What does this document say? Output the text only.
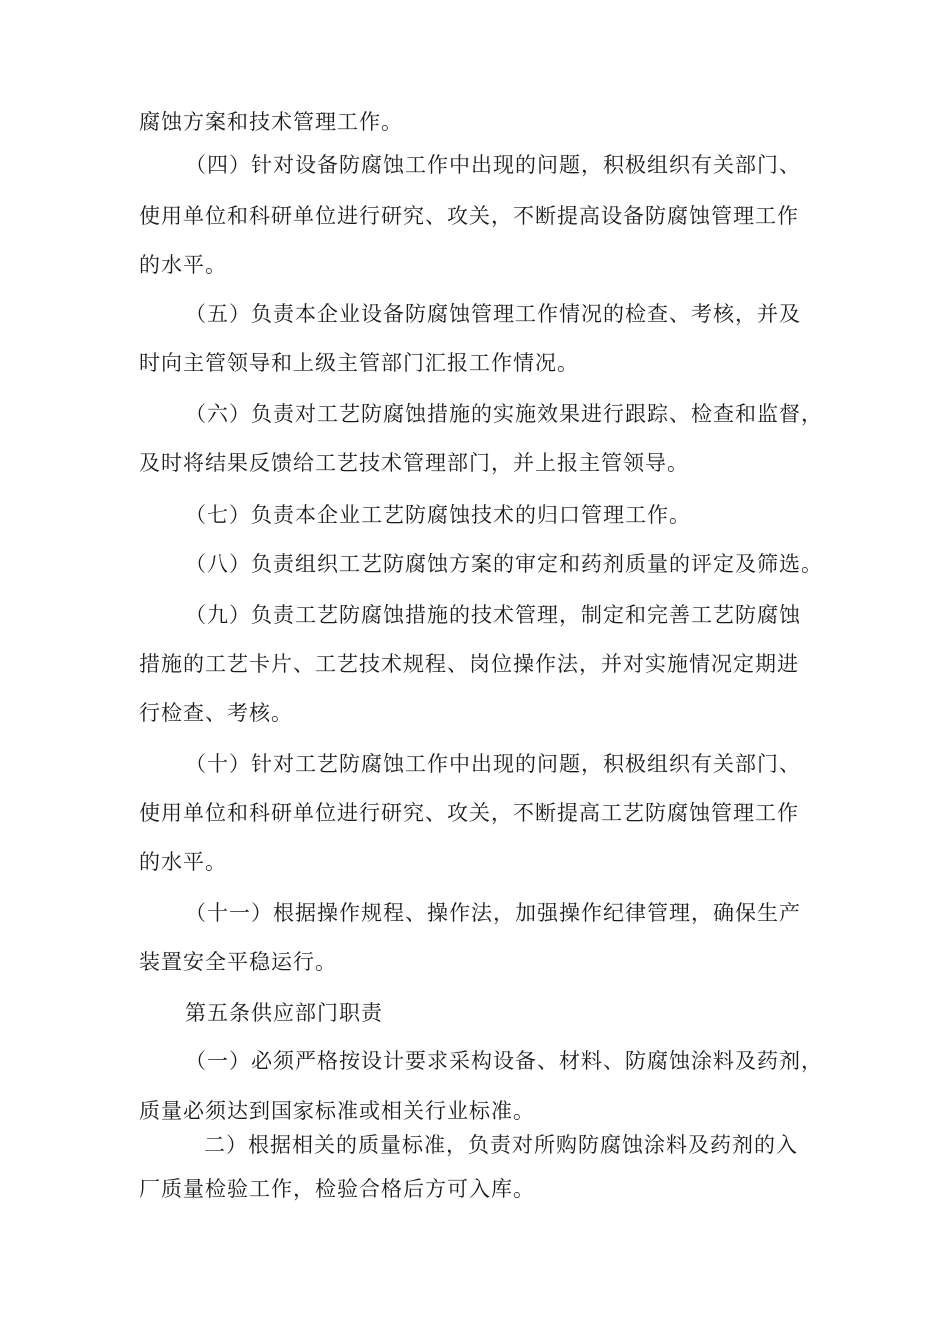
腐蚀方案和技术管理工作。
（四）针对设备防腐蚀工作中出现的问题，积极组织有关部门、
使用单位和科研单位进行研究、攻关，不断提高设备防腐蚀管理工作
的水平。
（五）负责本企业设备防腐蚀管理工作情况的检查、考核，并及
时向主管领导和上级主管部门汇报工作情况。
（六）负责对工艺防腐蚀措施的实施效果进行跟踪、检查和监督，
及时将结果反馈给工艺技术管理部门，并上报主管领导。
（七）负责本企业工艺防腐蚀技术的归口管理工作。
（八）负责组织工艺防腐蚀方案的审定和药剂质量的评定及筛选。
（九）负责工艺防腐蚀措施的技术管理，制定和完善工艺防腐蚀
措施的工艺卡片、工艺技术规程、岗位操作法，并对实施情况定期进
行检查、考核。
（十）针对工艺防腐蚀工作中出现的问题，积极组织有关部门、
使用单位和科研单位进行研究、攻关，不断提高工艺防腐蚀管理工作
的水平。
（十一）根据操作规程、操作法，加强操作纪律管理，确保生产
装置安全平稳运行。
第五条供应部门职责
（一）必须严格按设计要求采构设备、材料、防腐蚀涂料及药剂，
质量必须达到国家标准或相关行业标准。
二）根据相关的质量标准，负责对所购防腐蚀涂料及药剂的入
厂质量检验工作，检验合格后方可入库。
